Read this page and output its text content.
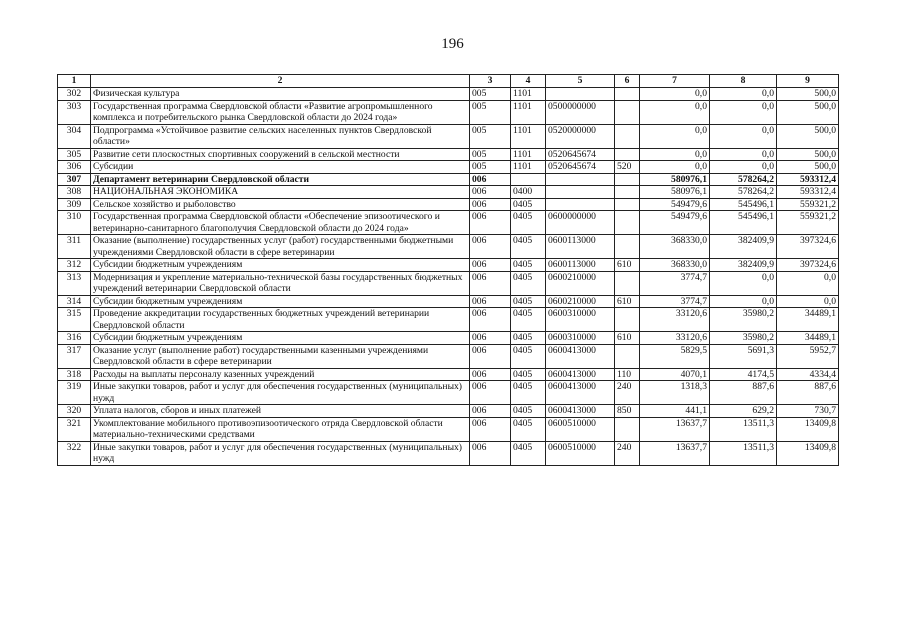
196
1	2	3	4	5	6	7	8	9
302	Физическая культура	005	1101			0,0	0,0	500,0
303	Государственная программа Свердловской области «Развитие агропромышленного комплекса и потребительского рынка Свердловской области до 2024 года»	005	1101	0500000000		0,0	0,0	500,0
304	Подпрограмма «Устойчивое развитие сельских населенных пунктов Свердловской области»	005	1101	0520000000		0,0	0,0	500,0
305	Развитие сети плоскостных спортивных сооружений в сельской местности	005	1101	0520645674		0,0	0,0	500,0
306	Субсидии	005	1101	0520645674	520	0,0	0,0	500,0
307	Департамент ветеринарии Свердловской области	006				580976,1	578264,2	593312,4
308	НАЦИОНАЛЬНАЯ ЭКОНОМИКА	006	0400			580976,1	578264,2	593312,4
309	Сельское хозяйство и рыболовство	006	0405			549479,6	545496,1	559321,2
310	Государственная программа Свердловской области «Обеспечение эпизоотического и ветеринарно-санитарного благополучия Свердловской области до 2024 года»	006	0405	0600000000		549479,6	545496,1	559321,2
311	Оказание (выполнение) государственных услуг (работ) государственными бюджетными учреждениями Свердловской области в сфере ветеринарии	006	0405	0600113000		368330,0	382409,9	397324,6
312	Субсидии бюджетным учреждениям	006	0405	0600113000	610	368330,0	382409,9	397324,6
313	Модернизация и укрепление материально-технической базы государственных бюджетных учреждений ветеринарии Свердловской области	006	0405	0600210000		3774,7	0,0	0,0
314	Субсидии бюджетным учреждениям	006	0405	0600210000	610	3774,7	0,0	0,0
315	Проведение аккредитации государственных бюджетных учреждений ветеринарии Свердловской области	006	0405	0600310000		33120,6	35980,2	34489,1
316	Субсидии бюджетным учреждениям	006	0405	0600310000	610	33120,6	35980,2	34489,1
317	Оказание услуг (выполнение работ) государственными казенными учреждениями Свердловской области в сфере ветеринарии	006	0405	0600413000		5829,5	5691,3	5952,7
318	Расходы на выплаты персоналу казенных учреждений	006	0405	0600413000	110	4070,1	4174,5	4334,4
319	Иные закупки товаров, работ и услуг для обеспечения государственных (муниципальных) нужд	006	0405	0600413000	240	1318,3	887,6	887,6
320	Уплата налогов, сборов и иных платежей	006	0405	0600413000	850	441,1	629,2	730,7
321	Укомплектование мобильного противоэпизоотического отряда Свердловской области материально-техническими средствами	006	0405	0600510000		13637,7	13511,3	13409,8
322	Иные закупки товаров, работ и услуг для обеспечения государственных (муниципальных) нужд	006	0405	0600510000	240	13637,7	13511,3	13409,8
